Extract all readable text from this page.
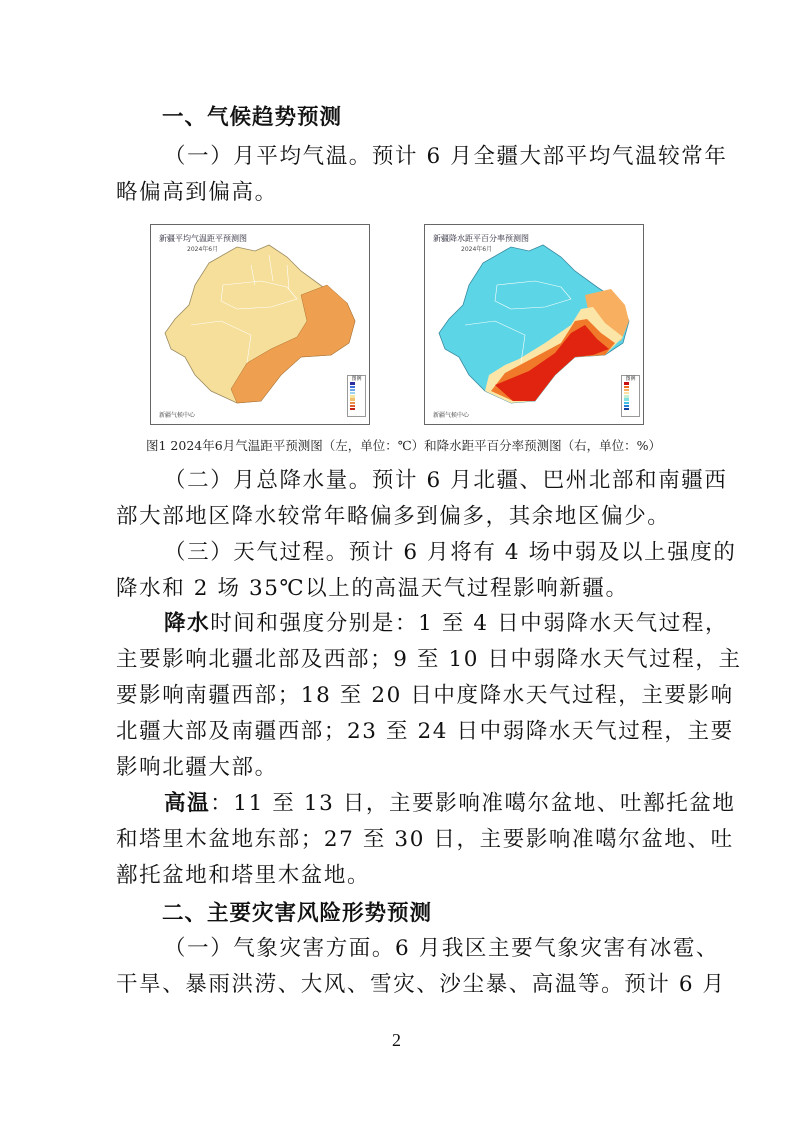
一、气候趋势预测
（一）月平均气温。预计 6 月全疆大部平均气温较常年
略偏高到偏高。
新疆平均气温距平预测图
2024年6月
新疆气候中心
图例
新疆降水距平百分率预测图
2024年6月
新疆气候中心
图例
图1 2024年6月气温距平预测图（左，单位：℃）和降水距平百分率预测图（右，单位：%）
（二）月总降水量。预计 6 月北疆、巴州北部和南疆西
部大部地区降水较常年略偏多到偏多，其余地区偏少。
（三）天气过程。预计 6 月将有 4 场中弱及以上强度的
降水和 2 场 35℃以上的高温天气过程影响新疆。
降水时间和强度分别是：1 至 4 日中弱降水天气过程，
主要影响北疆北部及西部；9 至 10 日中弱降水天气过程，主
要影响南疆西部；18 至 20 日中度降水天气过程，主要影响
北疆大部及南疆西部；23 至 24 日中弱降水天气过程，主要
影响北疆大部。
高温：11 至 13 日，主要影响准噶尔盆地、吐鄯托盆地
和塔里木盆地东部；27 至 30 日，主要影响准噶尔盆地、吐
鄯托盆地和塔里木盆地。
二、主要灾害风险形势预测
（一）气象灾害方面。6 月我区主要气象灾害有冰雹、
干旱、暴雨洪涝、大风、雪灾、沙尘暴、高温等。预计 6 月
2
